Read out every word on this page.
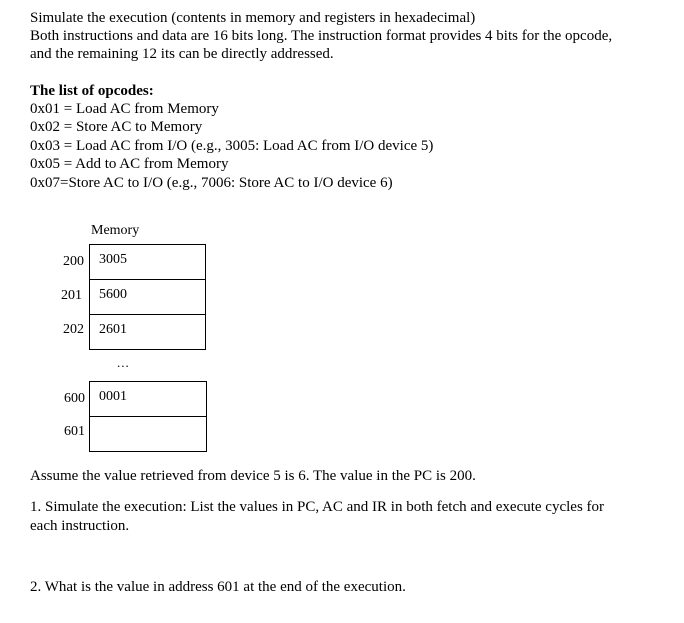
Simulate the execution (contents in memory and registers in hexadecimal)
Both instructions and data are 16 bits long. The instruction format provides 4 bits for the opcode,
and the remaining 12 its can be directly addressed.
The list of opcodes:
0x01 = Load AC from Memory
0x02 = Store AC to Memory
0x03 = Load AC from I/O (e.g., 3005: Load AC from I/O device 5)
0x05 = Add to AC from Memory
0x07=Store AC to I/O (e.g., 7006: Store AC to I/O device 6)
Memory
200 3005
201 5600
202 2601
...
600 0001
601
Assume the value retrieved from device 5 is 6. The value in the PC is 200.
1. Simulate the execution: List the values in PC, AC and IR in both fetch and execute cycles for
each instruction.
2. What is the value in address 601 at the end of the execution.
